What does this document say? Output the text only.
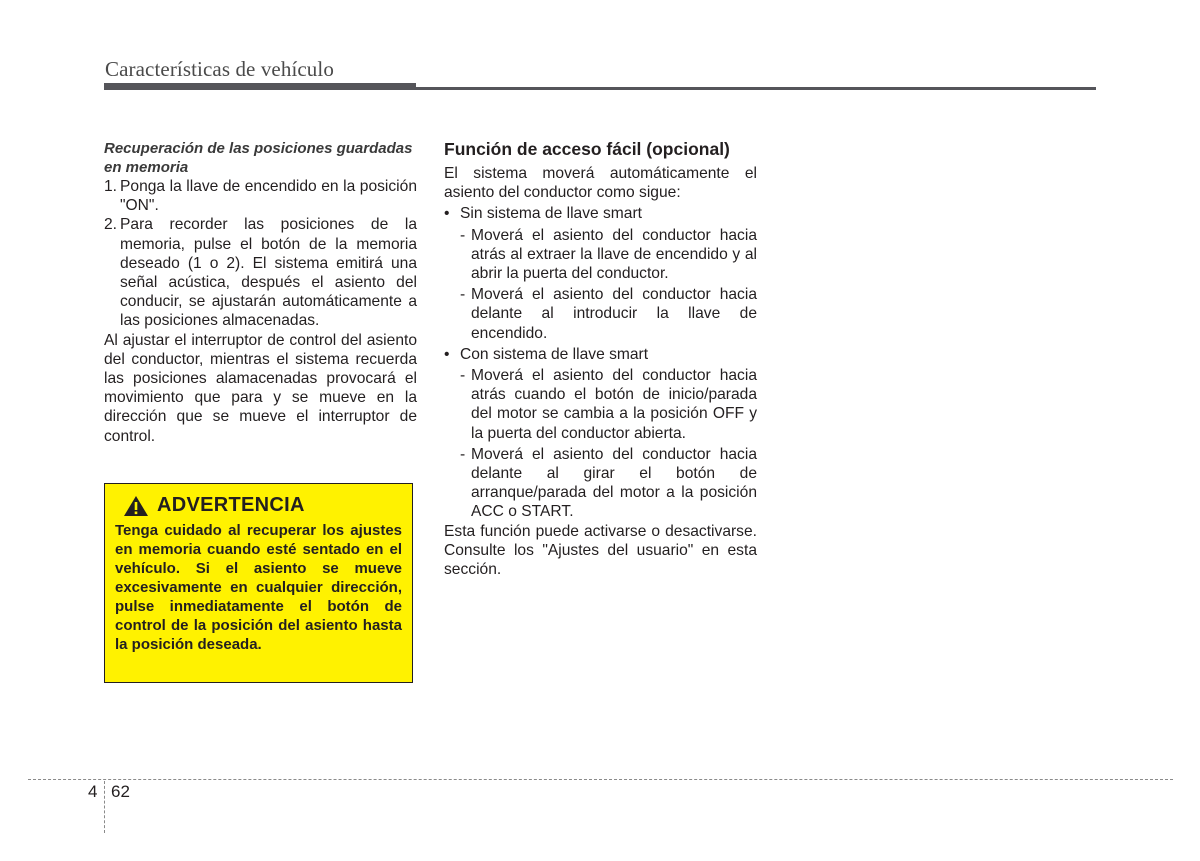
Características de vehículo
Recuperación de las posiciones guardadas en memoria
1. Ponga la llave de encendido en la posición "ON".
2. Para recorder las posiciones de la memoria, pulse el botón de la memoria deseado (1 o 2). El sistema emitirá una señal acústica, después el asiento del conducir, se ajustarán automáticamente a las posiciones almacenadas.

Al ajustar el interruptor de control del asiento del conductor, mientras el sistema recuerda las posiciones alamacenadas provocará el movimiento que para y se mueve en la dirección que se mueve el interruptor de control.

ADVERTENCIA
Tenga cuidado al recuperar los ajustes en memoria cuando esté sentado en el vehículo. Si el asiento se mueve excesivamente en cualquier dirección, pulse inmediatamente el botón de control de la posición del asiento hasta la posición deseada.
Función de acceso fácil (opcional)

El sistema moverá automáticamente el asiento del conductor como sigue:

• Sin sistema de llave smart
- Moverá el asiento del conductor hacia atrás al extraer la llave de encendido y al abrir la puerta del conductor.
- Moverá el asiento del conductor hacia delante al introducir la llave de encendido.
• Con sistema de llave smart
- Moverá el asiento del conductor hacia atrás cuando el botón de inicio/parada del motor se cambia a la posición OFF y la puerta del conductor abierta.
- Moverá el asiento del conductor hacia delante al girar el botón de arranque/parada del motor a la posición ACC o START.

Esta función puede activarse o desactivarse. Consulte los "Ajustes del usuario" en esta sección.

4 62
